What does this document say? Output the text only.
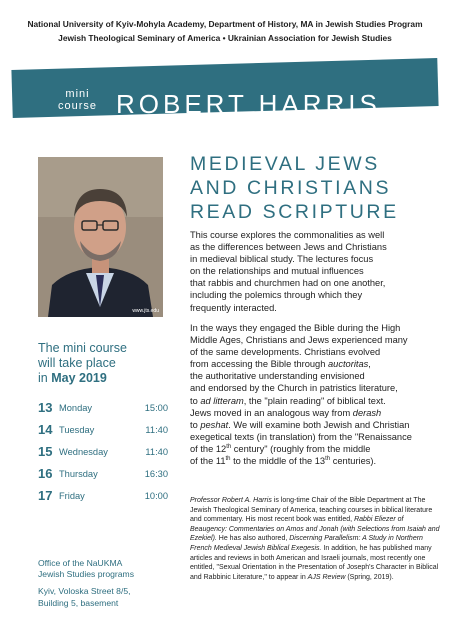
National University of Kyiv-Mohyla Academy, Department of History, MA in Jewish Studies Program
Jewish Theological Seminary of America • Ukrainian Association for Jewish Studies
mini
course ROBERT HARRIS
www.jts.edu
MEDIEVAL JEWS
AND CHRISTIANS
READ SCRIPTURE
This course explores the commonalities as well
as the differences between Jews and Christians
in medieval biblical study. The lectures focus
on the relationships and mutual influences
that rabbis and churchmen had on one another,
including the polemics through which they
frequently interacted.
In the ways they engaged the Bible during the High
Middle Ages, Christians and Jews experienced many
of the same developments. Christians evolved
from accessing the Bible through auctoritas,
the authoritative understanding envisioned
and endorsed by the Church in patristics literature,
to ad litteram, the "plain reading" of biblical text.
Jews moved in an analogous way from derash
to peshat. We will examine both Jewish and Christian
exegetical texts (in translation) from the "Renaissance
of the 12th century" (roughly from the middle
of the 11th to the middle of the 13th centuries).
The mini course
will take place
in May 2019
13 Monday	15:00
14 Tuesday	11:40
15 Wednesday	11:40
16 Thursday	16:30
17 Friday	10:00
Office of the NaUKMA
Jewish Studies programs
Kyiv, Voloska Street 8/5,
Building 5, basement
Professor Robert A. Harris is long-time Chair of the Bible Department at The Jewish Theological Seminary of America, teaching courses in biblical literature and commentary. His most recent book was entitled, Rabbi Eliezer of Beaugency: Commentaries on Amos and Jonah (with Selections from Isaiah and Ezekiel). He has also authored, Discerning Parallelism: A Study in Northern French Medieval Jewish Biblical Exegesis. In addition, he has published many articles and reviews in both American and Israeli journals, most recently one entitled, "Sexual Orientation in the Presentation of Joseph's Character in Biblical and Rabbinic Literature," to appear in AJS Review (Spring, 2019).
